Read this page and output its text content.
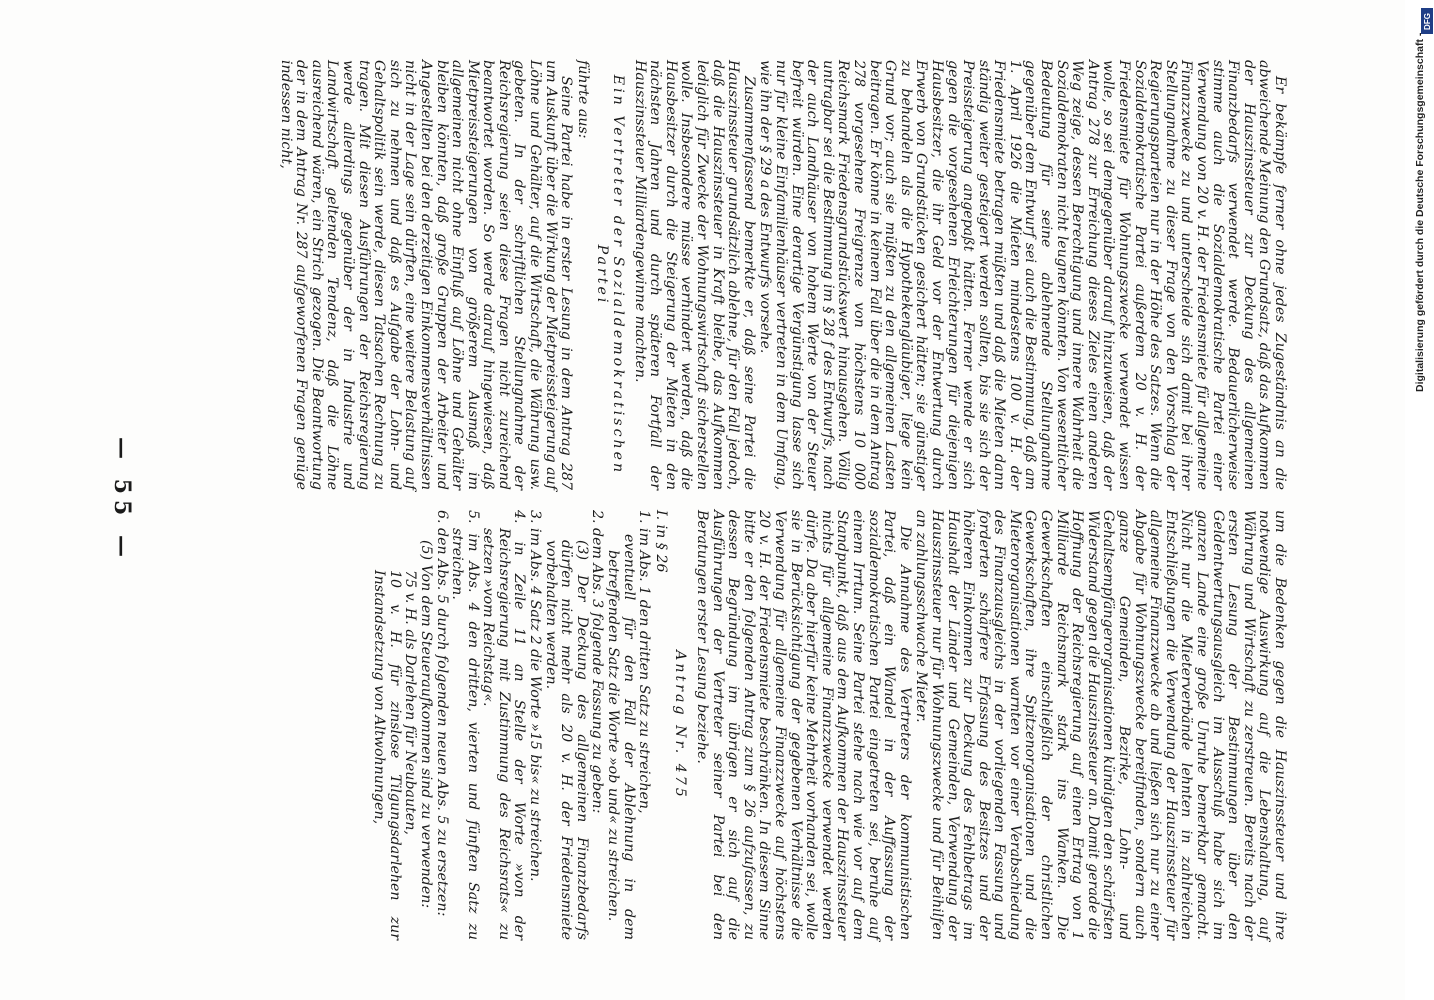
— 55 —

Er bekämpfe ferner ohne jedes Zugeständnis an die abweichende Meinung den Grundsatz, daß das Aufkommen der Hauszinssteuer zur Deckung des allgemeinen Finanzbedarfs verwendet werde. Bedauerlicherweise stimme auch die Sozialdemokratische Partei einer Verwendung von 20 v. H. der Friedensmiete für allgemeine Finanzzwecke zu und unterscheide sich damit bei ihrer Stellungnahme zu dieser Frage von den Vorschlag der Regierungsparteien nur in der Höhe des Satzes. Wenn die Sozialdemokratische Partei außerdem 20 v. H. der Friedensmiete für Wohnungszwecke verwendet wissen wolle, so sei demgegenüber darauf hinzuweisen, daß der Antrag 278 zur Erreichung dieses Zieles einen anderen Weg zeige, dessen Berechtigung und innere Wahrheit die Sozialdemokraten nicht leugnen könnten. Von wesentlicher Bedeutung für seine ablehnende Stellungnahme gegenüber dem Entwurf sei auch die Bestimmung, daß am 1. April 1926 die Mieten mindestens 100 v. H. der Friedensmiete betragen müßten und daß die Mieten dann ständig weiter gesteigert werden sollten, bis sie sich der Preissteigerung angepaßt hätten. Ferner wende er sich gegen die vorgesehenen Erleichterungen für diejenigen Hausbesitzer, die ihr Geld vor der Entwertung durch Erwerb von Grundstücken gesichert hätten; sie günstiger zu behandeln als die Hypothekengläubiger, liege kein Grund vor; auch sie müßten zu den allgemeinen Lasten beitragen. Er könne in keinem Fall über die in dem Antrag 278 vorgesehene Freigrenze von höchstens 10 000 Reichsmark Friedensgrundstückswert hinausgehen. Völlig untragbar sei die Bestimmung im § 28 f des Entwurfs, nach der auch Landhäuser von hohem Werte von der Steuer befreit würden. Eine derartige Vergünstigung lasse sich nur für kleine Einfamilienhäuser vertreten in dem Umfang, wie ihn der § 29 a des Entwurfs vorsehe.

Zusammenfassend bemerkte er, daß seine Partei die Hauszinssteuer grundsätzlich ablehne, für den Fall jedoch, daß die Hauszinssteuer in Kraft bleibe, das Aufkommen lediglich für Zwecke der Wohnungswirtschaft sicherstellen wolle. Insbesondere müsse verhindert werden, daß die Hausbesitzer durch die Steigerung der Mieten in den nächsten Jahren und durch späteren Fortfall der Hauszinssteuer Milliardengewinne machten.

Ein Vertreter der Sozialdemokratischen Partei

führte aus:

Seine Partei habe in erster Lesung in dem Antrag 287 um Auskunft über die Wirkung der Mietpreissteigerung auf Löhne und Gehälter, auf die Wirtschaft, die Währung usw. gebeten. In der schriftlichen Stellungnahme der Reichsregierung seien diese Fragen nicht zureichend beantwortet worden. So werde darauf hingewiesen, daß Mietpreissteigerungen von größerem Ausmaß im allgemeinen nicht ohne Einfluß auf Löhne und Gehälter bleiben könnten, daß große Gruppen der Arbeiter und Angestellten bei den derzeitigen Einkommensverhältnissen nicht in der Lage sein dürften, eine weitere Belastung auf sich zu nehmen und daß es Aufgabe der Lohn- und Gehaltspolitik sein werde, diesen Tatsachen Rechnung zu tragen. Mit diesen Ausführungen der Reichsregierung werde allerdings gegenüber der in Industrie und Landwirtschaft geltenden Tendenz, daß die Löhne ausreichend wären, ein Strich gezogen. Die Beantwortung der in dem Antrag Nr. 287 aufgeworfenen Fragen genüge indessen nicht,

um die Bedenken gegen die Hauszinssteuer und ihre notwendige Auswirkung auf die Lebenshaltung, auf Währung und Wirtschaft zu zerstreuen. Bereits nach der ersten Lesung der Bestimmungen über den Geldentwertungsausgleich im Ausschuß habe sich im ganzen Lande eine große Unruhe bemerkbar gemacht. Nicht nur die Mieterverbände lehnten in zahlreichen Entschließungen die Verwendung der Hauszinssteuer für allgemeine Finanzzwecke ab und ließen sich nur zu einer Abgabe für Wohnungszwecke bereitfinden, sondern auch ganze Gemeinden, Bezirke, Lohn- und Gehaltsempfängerorganisationen kündigten den schärfsten Widerstand gegen die Hauszinssteuer an. Damit gerade die Hoffnung der Reichsregierung auf einen Ertrag von 1 Milliarde Reichsmark stark ins Wanken. Die Gewerkschaften einschließlich der christlichen Gewerkschaften, ihre Spitzenorganisationen und die Mieterorganisationen warnten vor einer Verabschiedung des Finanzausgleichs in der vorliegenden Fassung und forderten schärfere Erfassung des Besitzes und der höheren Einkommen zur Deckung des Fehlbetrags im Haushalt der Länder und Gemeinden, Verwendung der Hauszinssteuer nur für Wohnungszwecke und für Beihilfen an zahlungsschwache Mieter.

Die Annahme des Vertreters der kommunistischen Partei, daß ein Wandel in der Auffassung der sozialdemokratischen Partei eingetreten sei, beruhe auf einem Irrtum. Seine Partei stehe nach wie vor auf dem Standpunkt, daß aus dem Aufkommen der Hauszinssteuer nichts für allgemeine Finanzzwecke verwendet werden dürfe. Da aber hierfür keine Mehrheit vorhanden sei, wolle sie in Berücksichtigung der gegebenen Verhältnisse die Verwendung für allgemeine Finanzzwecke auf höchstens 20 v. H. der Friedensmiete beschränken. In diesem Sinne bitte er den folgenden Antrag zum § 26 aufzufassen, zu dessen Begründung im übrigen er sich auf die Ausführungen der Vertreter seiner Partei bei den Beratungen erster Lesung beziehe.

Antrag Nr. 475

I. in § 26

1. im Abs. 1 den dritten Satz zu streichen,

eventuell für den Fall der Ablehnung in dem betreffenden Satz die Worte »ob und« zu streichen.

2. dem Abs. 3 folgende Fassung zu geben:

(3) Der Deckung des allgemeinen Finanzbedarfs dürfen nicht mehr als 20 v. H. der Friedensmiete vorbehalten werden.

3. im Abs. 4 Satz 2 die Worte »15 bis« zu streichen.

4. in Zeile 11 an Stelle der Worte »von der Reichsregierung mit Zustimmung des Reichsrats« zu setzen »vom Reichstag«.

5. im Abs. 4 den dritten, vierten und fünften Satz zu streichen.

6. den Abs. 5 durch folgenden neuen Abs. 5 zu ersetzen:

(5) Von dem Steueraufkommen sind zu verwenden:

75 v. H. als Darlehen für Neubauten,

10 v. H. für zinslose Tilgungsdarlehen zur Instandsetzung von Altwohnungen,

DFG
Digitalisierung gefördert durch die Deutsche Forschungsgemeinschaft -
